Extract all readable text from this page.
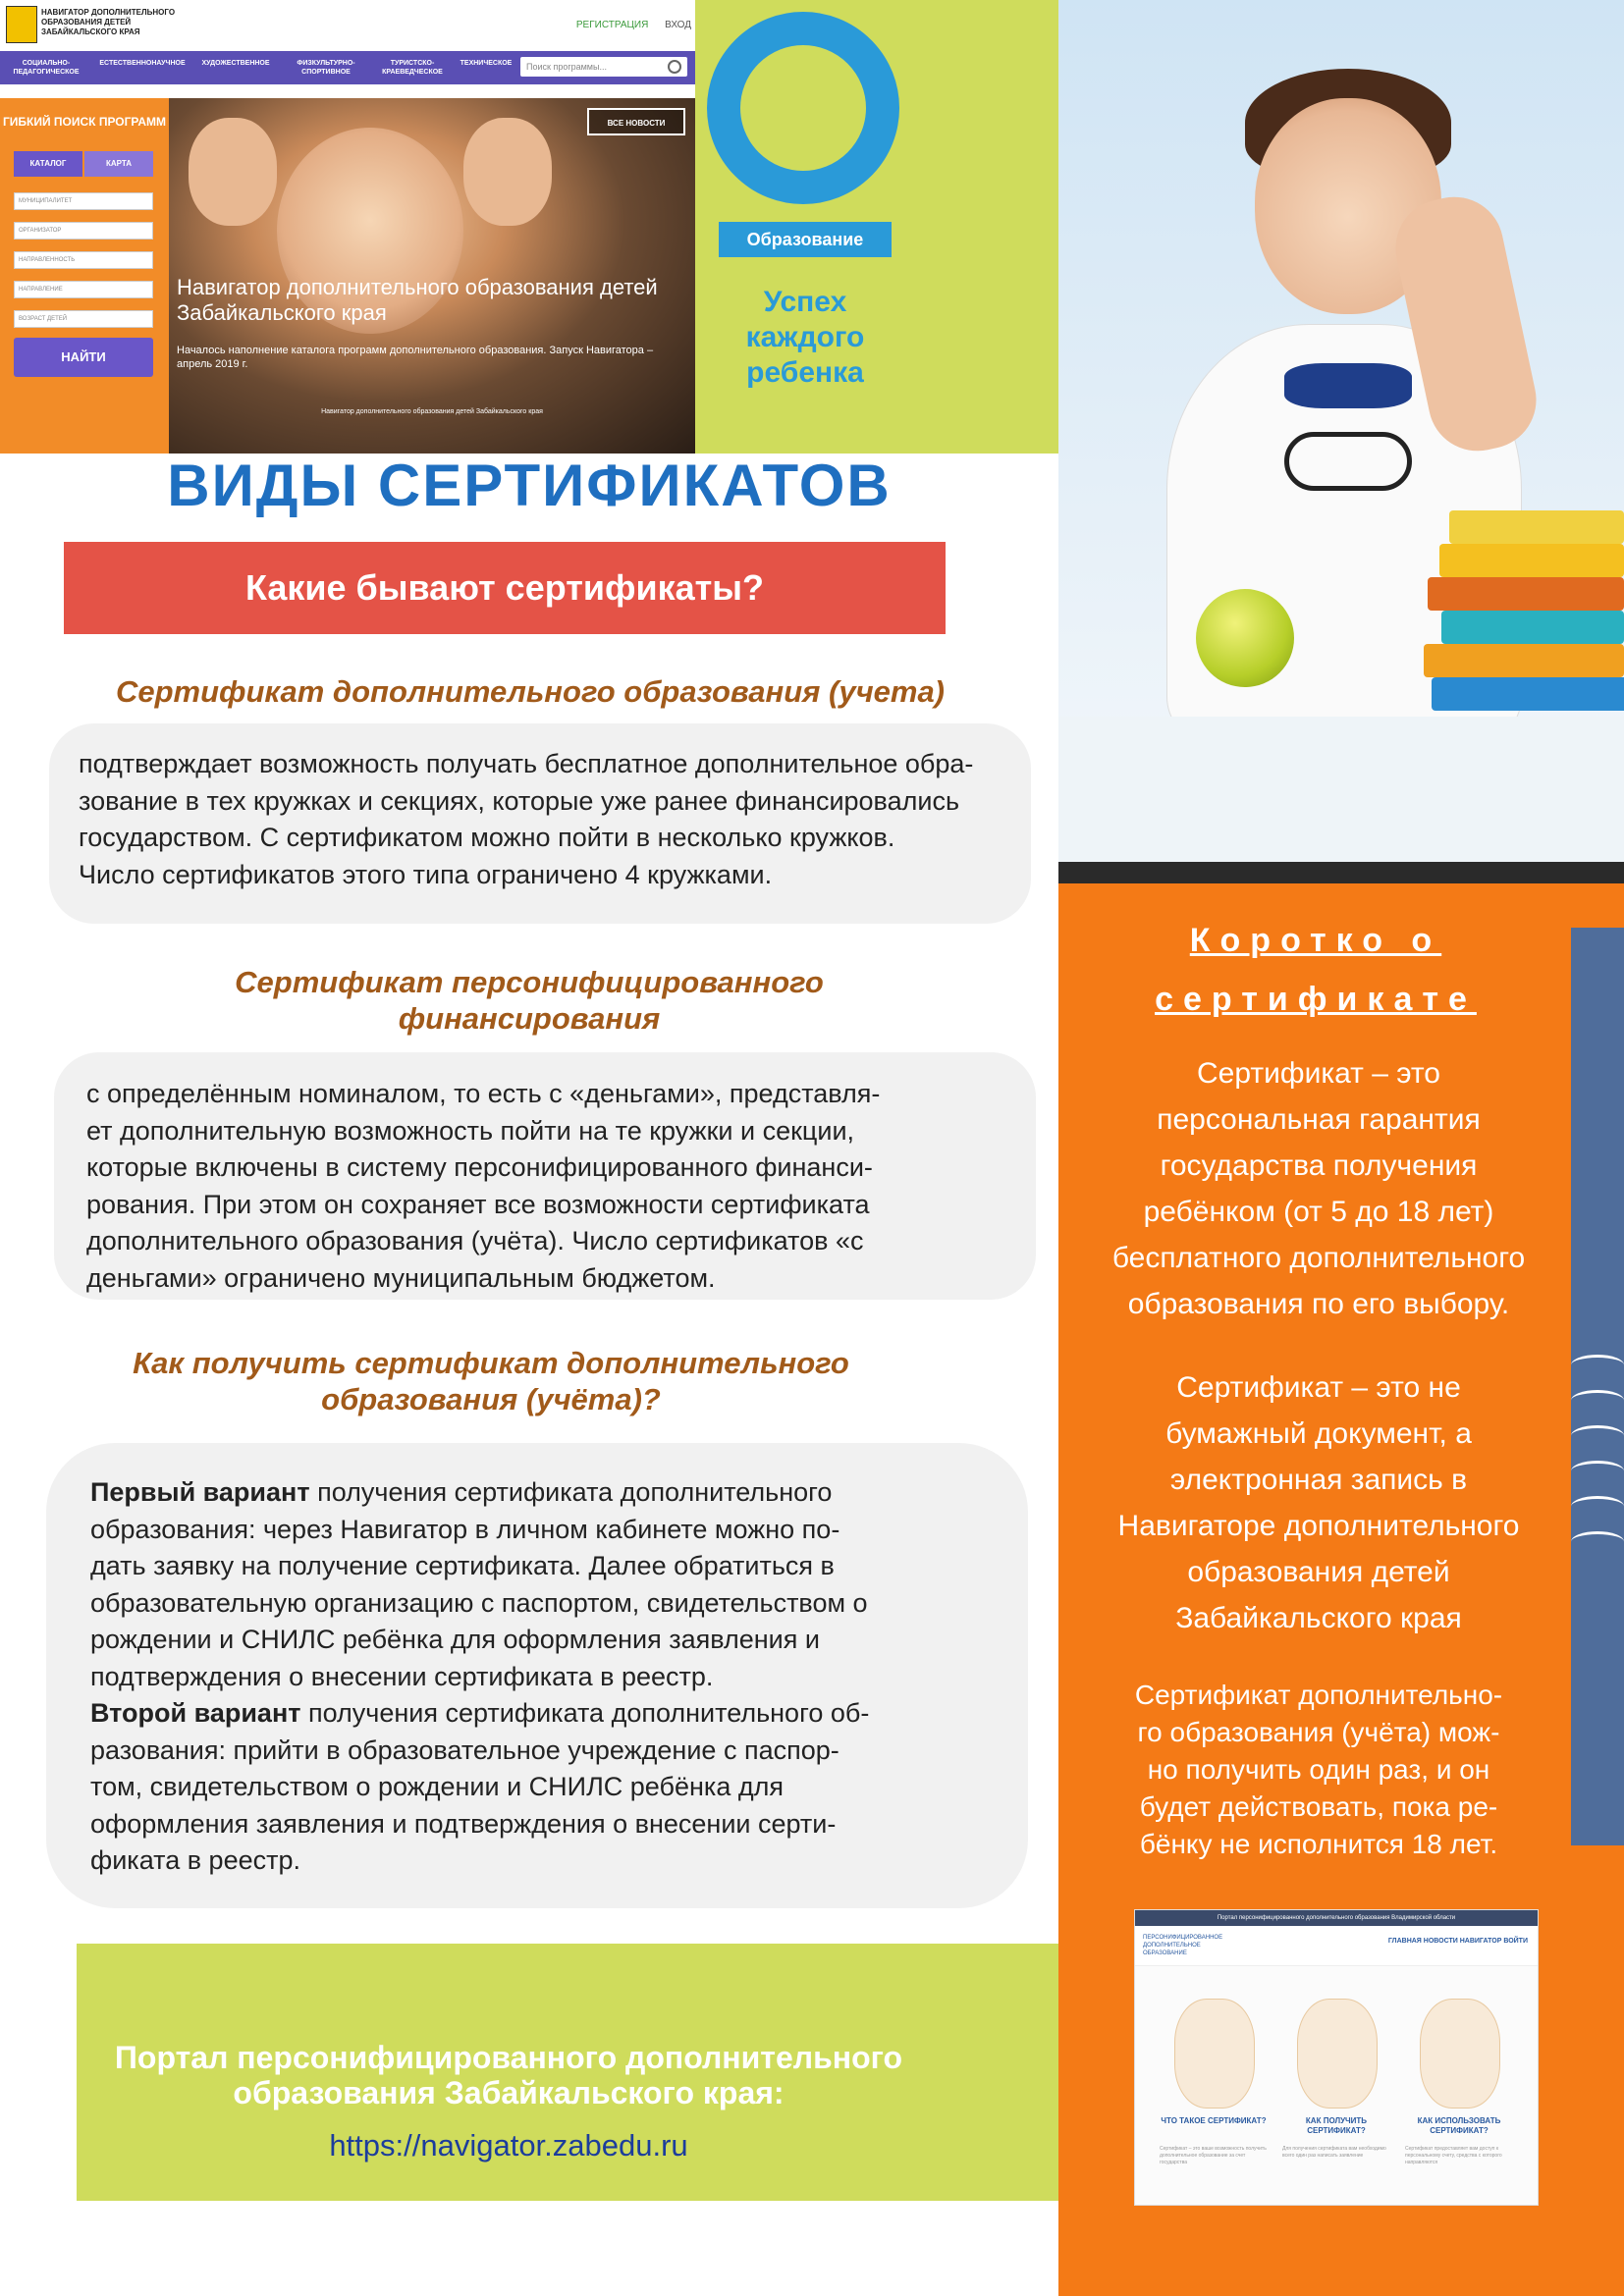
НАВИГАТОР ДОПОЛНИТЕЛЬНОГО ОБРАЗОВАНИЯ ДЕТЕЙ ЗАБАЙКАЛЬСКОГО КРАЯ
РЕГИСТРАЦИЯ ВХОД
СОЦИАЛЬНО-ПЕДАГОГИЧЕСКОЕ
ЕСТЕСТВЕННОНАУЧНОЕ	ХУДОЖЕСТВЕННОЕ	ФИЗКУЛЬТУРНО-СПОРТИВНОЕ
ТУРИСТСКО-КРАЕВЕДЧЕСКОЕ
ТЕХНИЧЕСКОЕ	Поиск программы...
ГИБКИЙ ПОИСК ПРОГРАММ
КАТАЛОГ	КАРТА
МУНИЦИПАЛИТЕТ
ОРГАНИЗАТОР
НАПРАВЛЕННОСТЬ
НАПРАВЛЕНИЕ
ВОЗРАСТ ДЕТЕЙ
НАЙТИ
ВСЕ НОВОСТИ
Навигатор дополнительного образования детей Забайкальского края
Началось наполнение каталога программ дополнительного образования. Запуск Навигатора – апрель 2019 г.
Навигатор дополнительного образования детей Забайкальского края
Образование
Успех каждого ребенка
Коротко о
сертификате
Сертификат – это
персональная гарантия
государства получения
ребёнком (от 5 до 18 лет)
бесплатного дополнительного
образования по его выбору.
Сертификат – это не
бумажный документ, а
электронная запись в
Навигаторе дополнительного
образования детей
Забайкальского края
Сертификат дополнительно-
го образования (учёта) мож-
но получить один раз, и он
будет действовать, пока ре-
бёнку не исполнится 18 лет.
Портал персонифицированного дополнительного образования Владимирской области
ПЕРСОНИФИЦИРОВАННОЕ ДОПОЛНИТЕЛЬНОЕ ОБРАЗОВАНИЕ
ГЛАВНАЯ НОВОСТИ НАВИГАТОР ВОЙТИ
ЧТО ТАКОЕ СЕРТИФИКАТ?	КАК ПОЛУЧИТЬ СЕРТИФИКАТ?
КАК ИСПОЛЬЗОВАТЬ СЕРТИФИКАТ?
Сертификат – это ваше возможность получить дополнительное образование за счет государства
Для получения сертификата вам необходимо всего один раз написать заявление
Сертификат предоставляет вам доступ к персональному счету, средства с которого направляются
ВИДЫ СЕРТИФИКАТОВ
Какие бывают сертификаты?
Сертификат дополнительного образования (учета)
подтверждает возможность получать бесплатное дополнительное обра-
зование в тех кружках и секциях, которые уже ранее финансировались
государством. С сертификатом можно пойти в несколько кружков.
Число сертификатов этого типа ограничено 4 кружками.
Сертификат персонифицированного
финансирования
с определённым номиналом, то есть с «деньгами», представля-
ет дополнительную возможность пойти на те кружки и секции,
которые включены в систему персонифицированного финанси-
рования. При этом он сохраняет все возможности сертификата
дополнительного образования (учёта). Число сертификатов «с
деньгами» ограничено муниципальным бюджетом.
Как получить сертификат дополнительного
образования (учёта)?
Первый вариант получения сертификата дополнительного
образования: через Навигатор в личном кабинете можно по-
дать заявку на получение сертификата. Далее обратиться в
образовательную организацию с паспортом, свидетельством о
рождении и СНИЛС ребёнка для оформления заявления и
подтверждения о внесении сертификата в реестр.
Второй вариант получения сертификата дополнительного об-
разования: прийти в образовательное учреждение с паспор-
том, свидетельством о рождении и СНИЛС ребёнка для
оформления заявления и подтверждения о внесении серти-
фиката в реестр.
Портал персонифицированного дополнительного образования Забайкальского края:
https://navigator.zabedu.ru
